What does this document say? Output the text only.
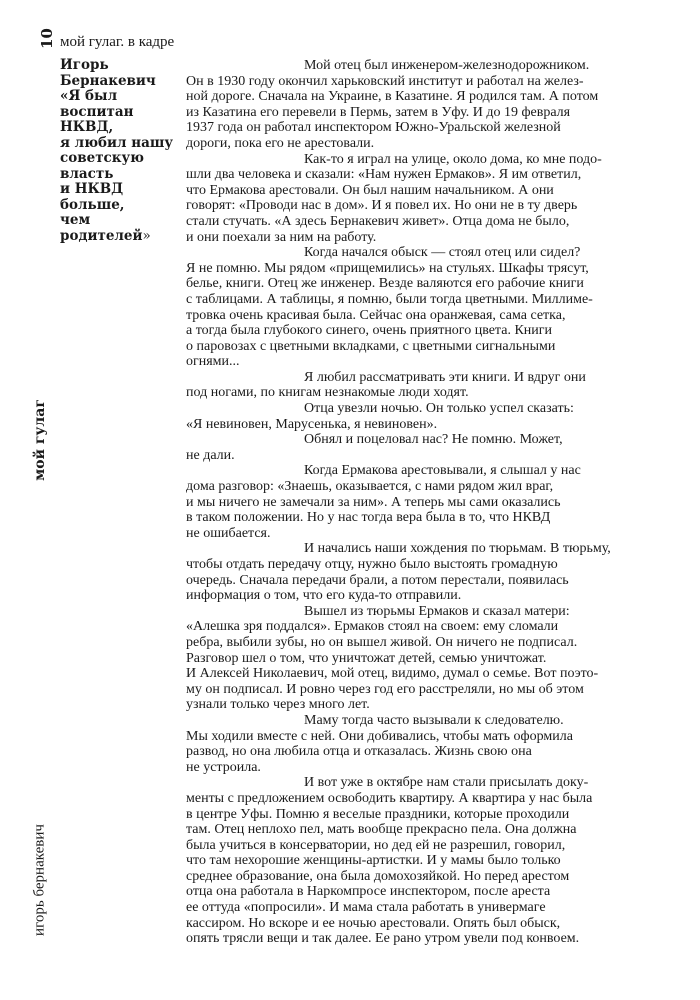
10 мой гулаг. в кадре
мой гулаг
игорь бернакевич
Игорь
Бернакевич
«Я был
воспитан
НКВД,
я любил нашу
советскую
власть
и НКВД
больше,
чем
родителей»
Мой отец был инженером-железнодорожником.
Он в 1930 году окончил харьковский институт и работал на желез-
ной дороге. Сначала на Украине, в Казатине. Я родился там. А потом
из Казатина его перевели в Пермь, затем в Уфу. И до 19 февраля
1937 года он работал инспектором Южно-Уральской железной
дороги, пока его не арестовали.
Как-то я играл на улице, около дома, ко мне подо-
шли два человека и сказали: «Нам нужен Ермаков». Я им ответил,
что Ермакова арестовали. Он был нашим начальником. А они
говорят: «Проводи нас в дом». И я повел их. Но они не в ту дверь
стали стучать. «А здесь Бернакевич живет». Отца дома не было,
и они поехали за ним на работу.
Когда начался обыск — стоял отец или сидел?
Я не помню. Мы рядом «прищемились» на стульях. Шкафы трясут,
белье, книги. Отец же инженер. Везде валяются его рабочие книги
с таблицами. А таблицы, я помню, были тогда цветными. Миллиме-
тровка очень красивая была. Сейчас она оранжевая, сама сетка,
а тогда была глубокого синего, очень приятного цвета. Книги
о паровозах с цветными вкладками, с цветными сигнальными
огнями...
Я любил рассматривать эти книги. И вдруг они
под ногами, по книгам незнакомые люди ходят.
Отца увезли ночью. Он только успел сказать:
«Я невиновен, Марусенька, я невиновен».
Обнял и поцеловал нас? Не помню. Может,
не дали.
Когда Ермакова арестовывали, я слышал у нас
дома разговор: «Знаешь, оказывается, с нами рядом жил враг,
и мы ничего не замечали за ним». А теперь мы сами оказались
в таком положении. Но у нас тогда вера была в то, что НКВД
не ошибается.
И начались наши хождения по тюрьмам. В тюрьму,
чтобы отдать передачу отцу, нужно было выстоять громадную
очередь. Сначала передачи брали, а потом перестали, появилась
информация о том, что его куда-то отправили.
Вышел из тюрьмы Ермаков и сказал матери:
«Алешка зря поддался». Ермаков стоял на своем: ему сломали
ребра, выбили зубы, но он вышел живой. Он ничего не подписал.
Разговор шел о том, что уничтожат детей, семью уничтожат.
И Алексей Николаевич, мой отец, видимо, думал о семье. Вот поэто-
му он подписал. И ровно через год его расстреляли, но мы об этом
узнали только через много лет.
Маму тогда часто вызывали к следователю.
Мы ходили вместе с ней. Они добивались, чтобы мать оформила
развод, но она любила отца и отказалась. Жизнь свою она
не устроила.
И вот уже в октябре нам стали присылать доку-
менты с предложением освободить квартиру. А квартира у нас была
в центре Уфы. Помню я веселые праздники, которые проходили
там. Отец неплохо пел, мать вообще прекрасно пела. Она должна
была учиться в консерватории, но дед ей не разрешил, говорил,
что там нехорошие женщины-артистки. И у мамы было только
среднее образование, она была домохозяйкой. Но перед арестом
отца она работала в Наркомпросе инспектором, после ареста
ее оттуда «попросили». И мама стала работать в универмаге
кассиром. Но вскоре и ее ночью арестовали. Опять был обыск,
опять трясли вещи и так далее. Ее рано утром увели под конвоем.
